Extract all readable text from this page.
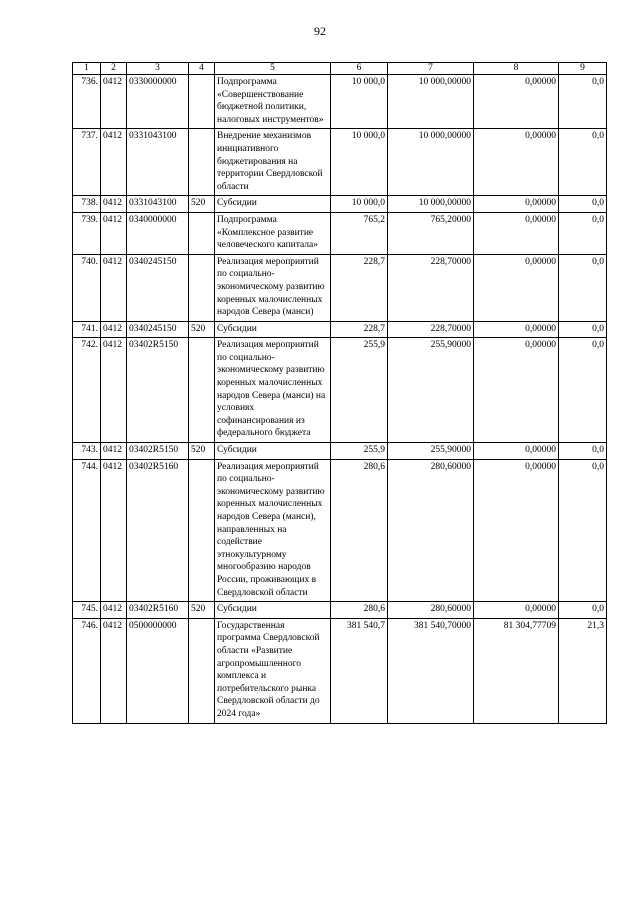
92
1	2	3	4	5	6	7	8	9
736.	0412	0330000000		Подпрограмма «Совершенствование бюджетной политики, налоговых инструментов»	10 000,0	10 000,00000	0,00000	0,0
737.	0412	0331043100		Внедрение механизмов инициативного бюджетирования на территории Свердловской области	10 000,0	10 000,00000	0,00000	0,0
738.	0412	0331043100	520	Субсидии	10 000,0	10 000,00000	0,00000	0,0
739.	0412	0340000000		Подпрограмма «Комплексное развитие человеческого капитала»	765,2	765,20000	0,00000	0,0
740.	0412	0340245150		Реализация мероприятий по социально-экономическому развитию коренных малочисленных народов Севера (манси)	228,7	228,70000	0,00000	0,0
741.	0412	0340245150	520	Субсидии	228,7	228,70000	0,00000	0,0
742.	0412	03402R5150		Реализация мероприятий по социально-экономическому развитию коренных малочисленных народов Севера (манси) на условиях софинансирования из федерального бюджета	255,9	255,90000	0,00000	0,0
743.	0412	03402R5150	520	Субсидии	255,9	255,90000	0,00000	0,0
744.	0412	03402R5160		Реализация мероприятий по социально-экономическому развитию коренных малочисленных народов Севера (манси), направленных на содействие этнокультурному многообразию народов России, проживающих в Свердловской области	280,6	280,60000	0,00000	0,0
745.	0412	03402R5160	520	Субсидии	280,6	280,60000	0,00000	0,0
746.	0412	0500000000		Государственная программа Свердловской области «Развитие агропромышленного комплекса и потребительского рынка Свердловской области до 2024 года»	381 540,7	381 540,70000	81 304,77709	21,3
